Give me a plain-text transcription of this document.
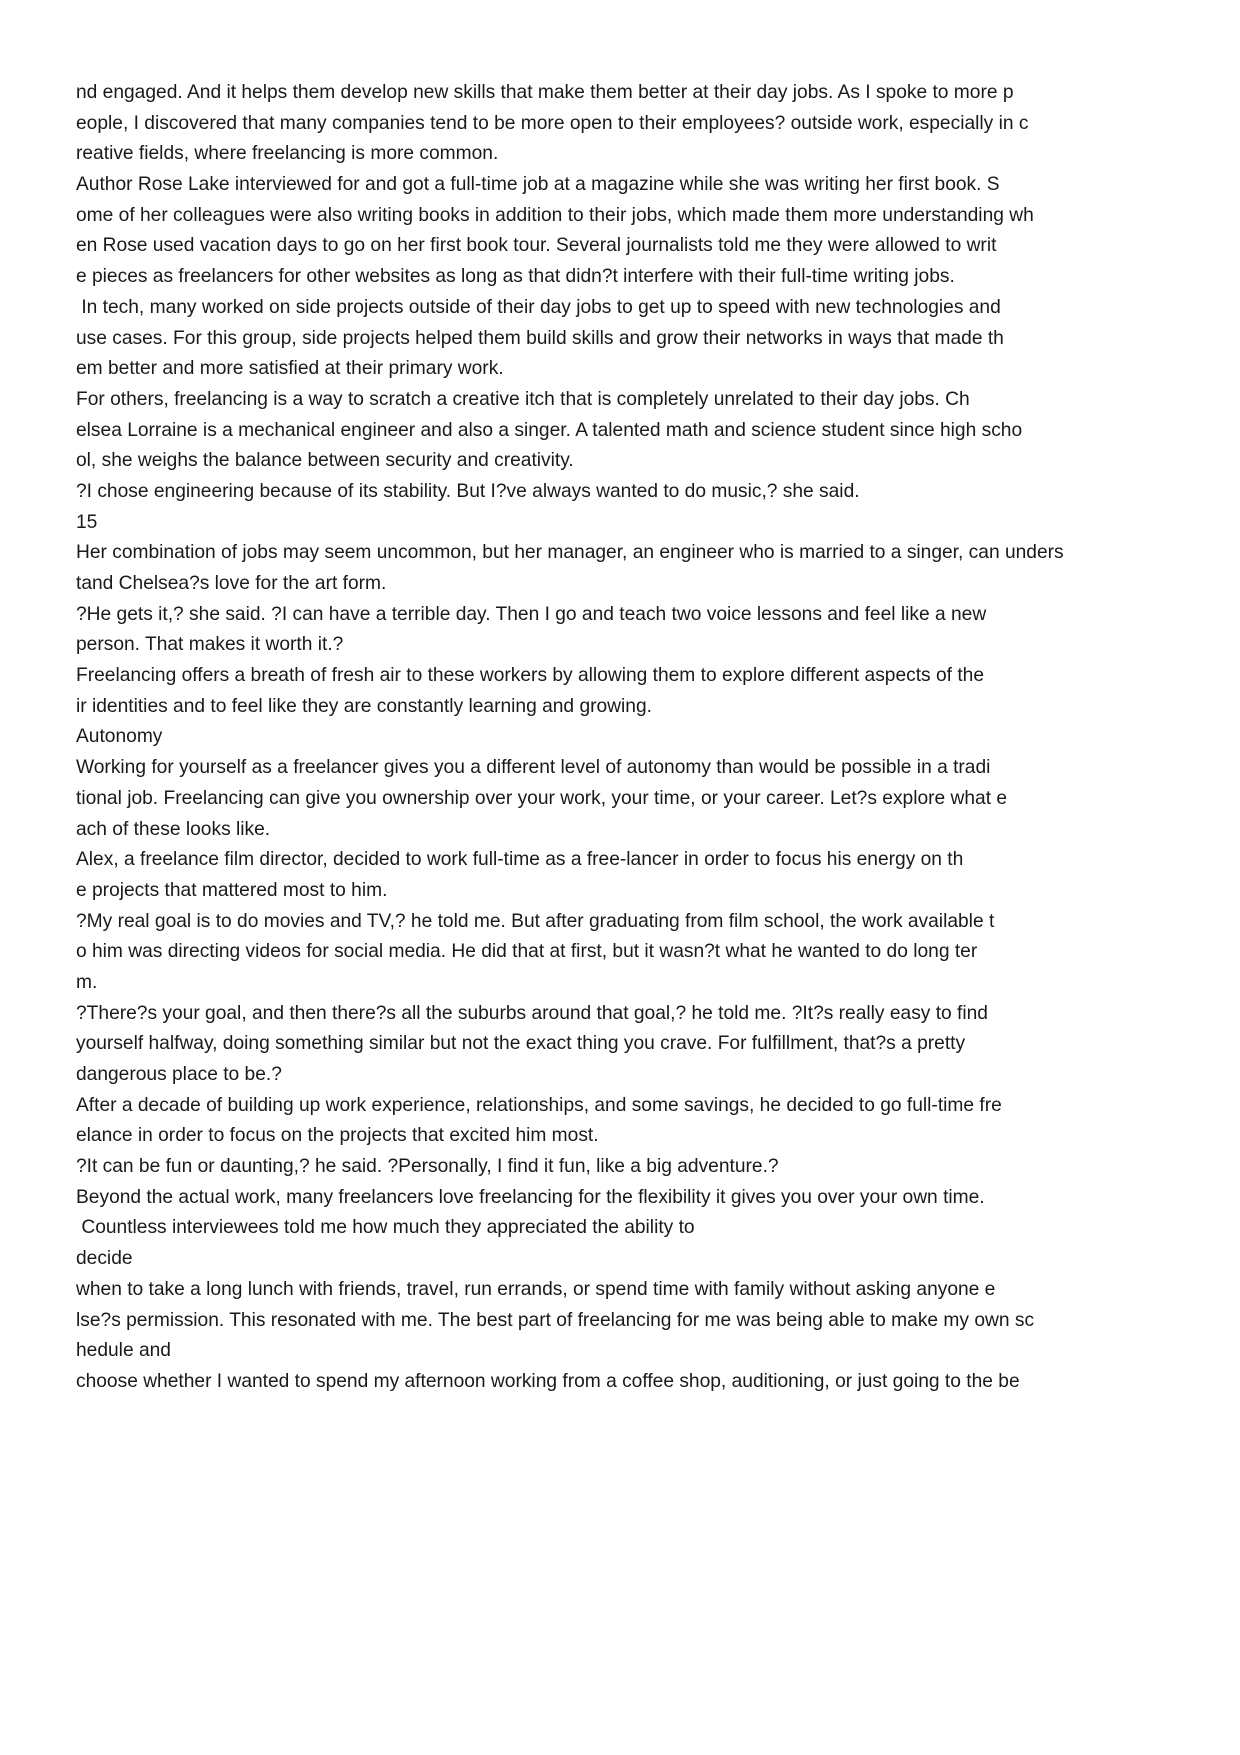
nd engaged. And it helps them develop new skills that make them better at their day jobs. As I spoke to more p
eople, I discovered that many companies tend to be more open to their employees? outside work, especially in c
reative fields, where freelancing is more common.
Author Rose Lake interviewed for and got a full-time job at a magazine while she was writing her first book. S
ome of her colleagues were also writing books in addition to their jobs, which made them more understanding wh
en Rose used vacation days to go on her first book tour. Several journalists told me they were allowed to writ
e pieces as freelancers for other websites as long as that didn?t interfere with their full-time writing jobs.
In tech, many worked on side projects outside of their day jobs to get up to speed with new technologies and
use cases. For this group, side projects helped them build skills and grow their networks in ways that made th
em better and more satisfied at their primary work.
For others, freelancing is a way to scratch a creative itch that is completely unrelated to their day jobs. Ch
elsea Lorraine is a mechanical engineer and also a singer. A talented math and science student since high scho
ol, she weighs the balance between security and creativity.
?I chose engineering because of its stability. But I?ve always wanted to do music,? she said.
15
Her combination of jobs may seem uncommon, but her manager, an engineer who is married to a singer, can unders
tand Chelsea?s love for the art form.
?He gets it,? she said. ?I can have a terrible day. Then I go and teach two voice lessons and feel like a new
person. That makes it worth it.?
Freelancing offers a breath of fresh air to these workers by allowing them to explore different aspects of the
ir identities and to feel like they are constantly learning and growing.
Autonomy
Working for yourself as a freelancer gives you a different level of autonomy than would be possible in a tradi
tional job. Freelancing can give you ownership over your work, your time, or your career. Let?s explore what e
ach of these looks like.
Alex, a freelance film director, decided to work full-time as a free-lancer in order to focus his energy on th
e projects that mattered most to him.
?My real goal is to do movies and TV,? he told me. But after graduating from film school, the work available t
o him was directing videos for social media. He did that at first, but it wasn?t what he wanted to do long ter
m.
?There?s your goal, and then there?s all the suburbs around that goal,? he told me. ?It?s really easy to find
yourself halfway, doing something similar but not the exact thing you crave. For fulfillment, that?s a pretty
dangerous place to be.?
After a decade of building up work experience, relationships, and some savings, he decided to go full-time fre
elance in order to focus on the projects that excited him most.
?It can be fun or daunting,? he said. ?Personally, I find it fun, like a big adventure.?
Beyond the actual work, many freelancers love freelancing for the flexibility it gives you over your own time.
Countless interviewees told me how much they appreciated the ability to
decide
when to take a long lunch with friends, travel, run errands, or spend time with family without asking anyone e
lse?s permission. This resonated with me. The best part of freelancing for me was being able to make my own sc
hedule and
choose whether I wanted to spend my afternoon working from a coffee shop, auditioning, or just going to the be
